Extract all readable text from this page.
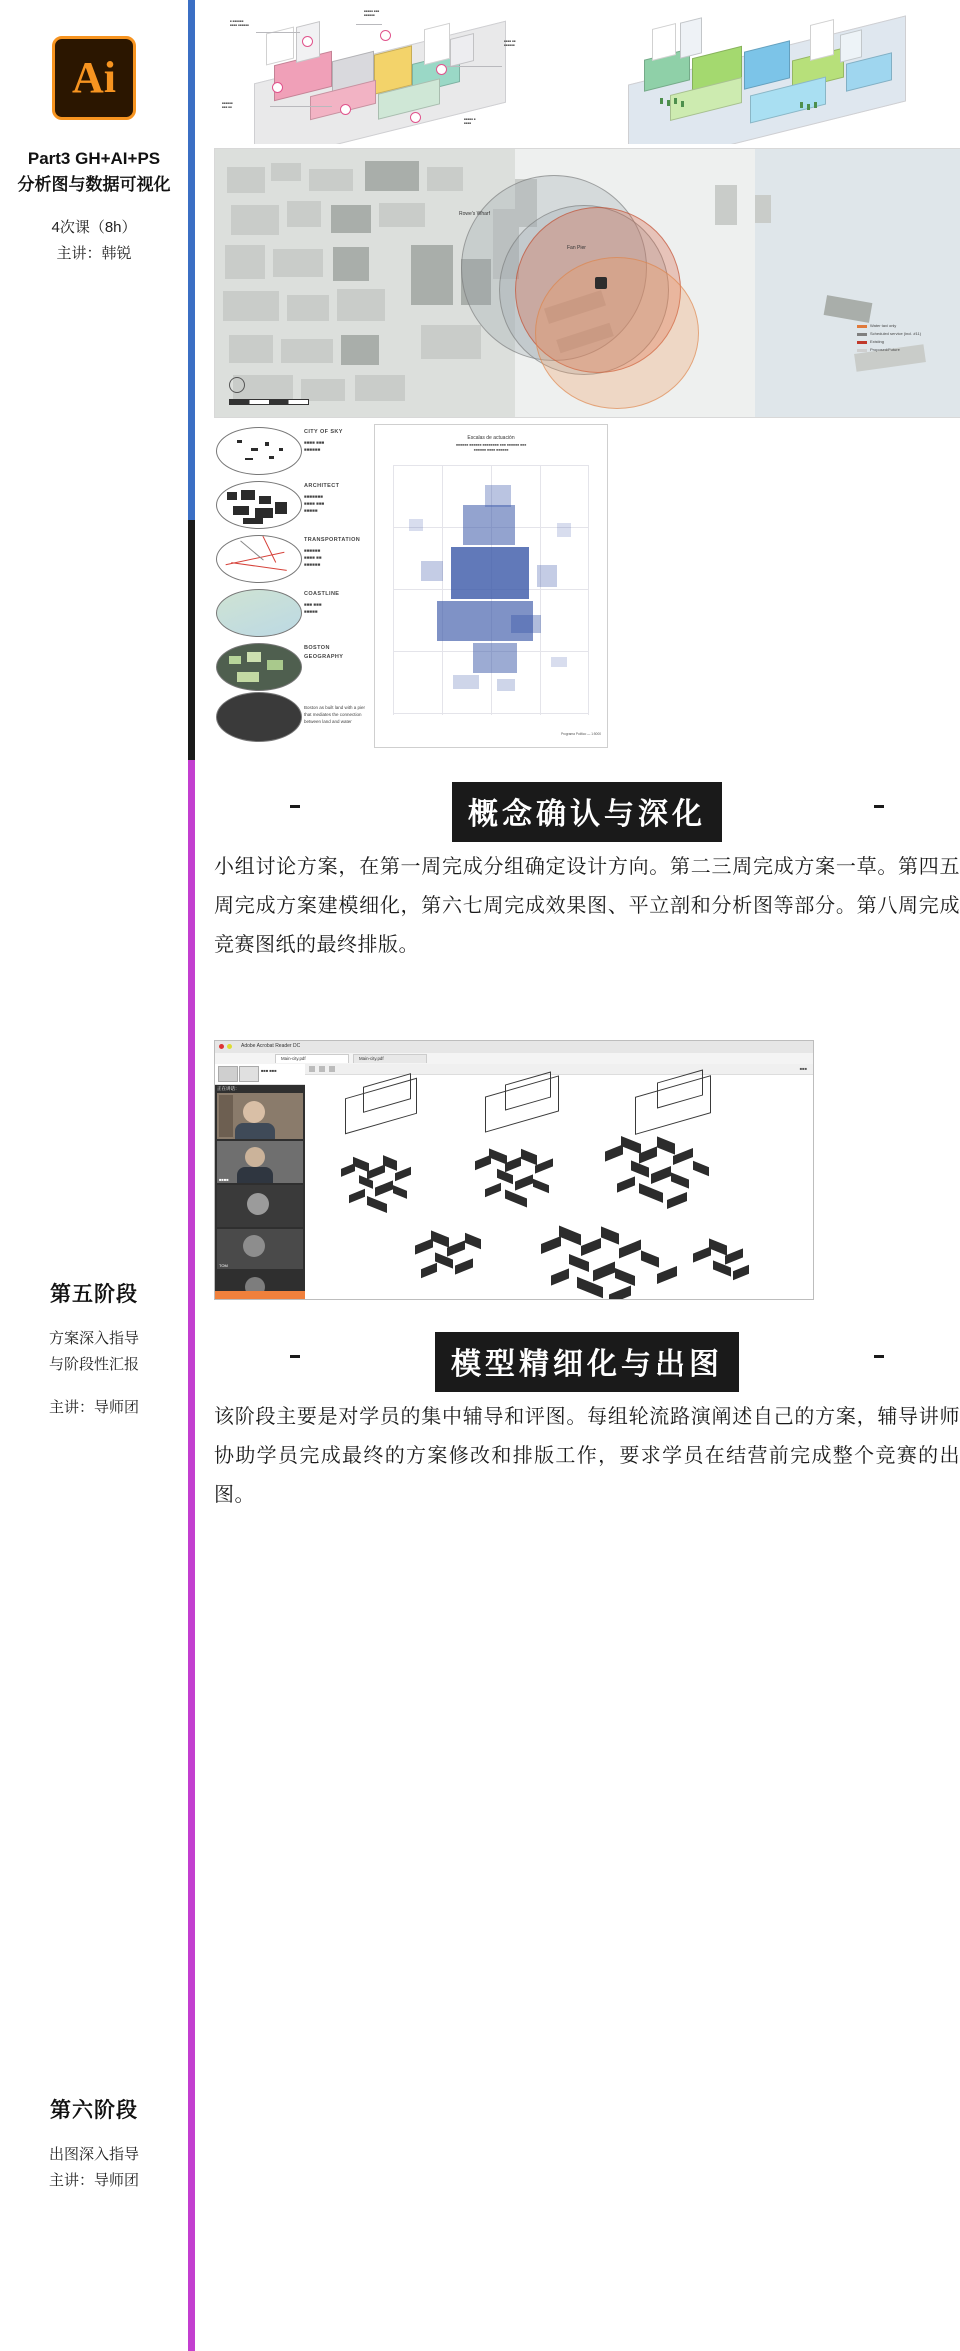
Ai
Part3 GH+AI+PS
分析图与数据可视化
4次课（8h）
主讲：韩锐
第五阶段
方案深入指导
与阶段性汇报
主讲：导师团
第六阶段
出图深入指导
主讲：导师团
■ ■■■■■■
■■■■ ■■■■■■
■■■■■ ■■■
■■■■■■
■■■■ ■■
■■■■■■
■■■■■■
■■■ ■■
■■■■■ ■
■■■■
Rowe's Wharf
Fan Pier
Water taxi only
Scheduled service (incl. #11)
Existing
Proposed/Future
CITY OF SKY
■■■■ ■■■
■■■■■■
ARCHITECT
■■■■■■■
■■■■ ■■■
■■■■■
TRANSPORTATION
■■■■■■
■■■■ ■■
■■■■■■
COASTLINE
■■■ ■■■
■■■■■
BOSTON GEOGRAPHY
Boston as built land with a pier that mediates the connection between land and water
Escalas de actuación
■■■■■■ ■■■■■■ ■■■■■■■■ ■■■ ■■■■■■ ■■■
■■■■■■ ■■■■ ■■■■■■
Programa Político — 1:5000
概念确认与深化
小组讨论方案，在第一周完成分组确定设计方向。第二三周完成方案一草。第四五周完成方案建模细化，第六七周完成效果图、平立剖和分析图等部分。第八周完成竞赛图纸的最终排版。
Adobe Acrobat Reader DC
Main-city.pdf	Main-city.pdf
■■■ ■■■
正在讲话：
■■■■
TOM
■■■
模型精细化与出图
该阶段主要是对学员的集中辅导和评图。每组轮流路演阐述自己的方案，辅导讲师协助学员完成最终的方案修改和排版工作，要求学员在结营前完成整个竞赛的出图。
